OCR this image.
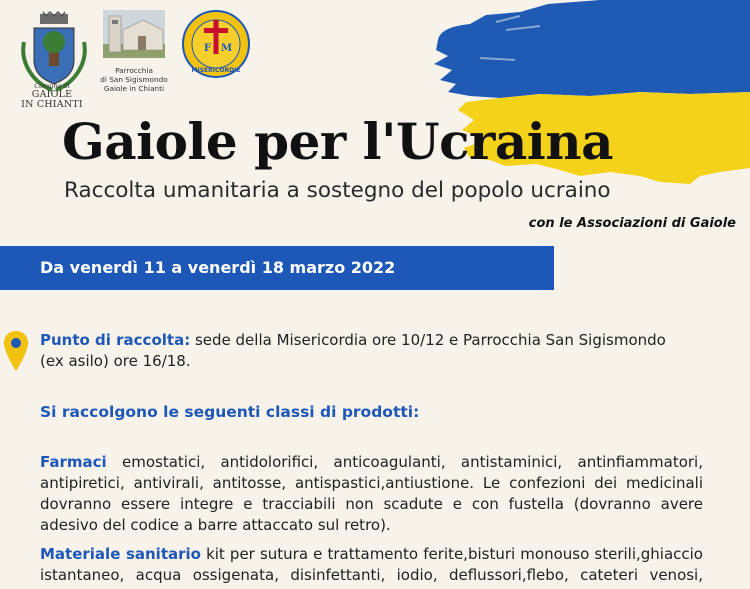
Comune di
GAIOLE
IN CHIANTI
Parrocchia
di San Sigismondo
Gaiole in Chianti
F M
MISERICORDIE
Gaiole per l'Ucraina
Raccolta umanitaria a sostegno del popolo ucraino
con le Associazioni di Gaiole
Da venerdì 11 a venerdì 18 marzo 2022
Punto di raccolta: sede della Misericordia ore 10/12 e Parrocchia San Sigismondo
(ex asilo) ore 16/18.
Si raccolgono le seguenti classi di prodotti:
Farmaci emostatici, antidolorifici, anticoagulanti, antistaminici, antinfiammatori,
antipiretici, antivirali, antitosse, antispastici,antiustione. Le confezioni dei medicinali
dovranno essere integre e tracciabili non scadute e con fustella (dovranno avere
adesivo del codice a barre attaccato sul retro).
Materiale sanitario kit per sutura e trattamento ferite,bisturi monouso sterili,ghiaccio
istantaneo, acqua ossigenata, disinfettanti, iodio, deflussori,flebo, cateteri venosi,
